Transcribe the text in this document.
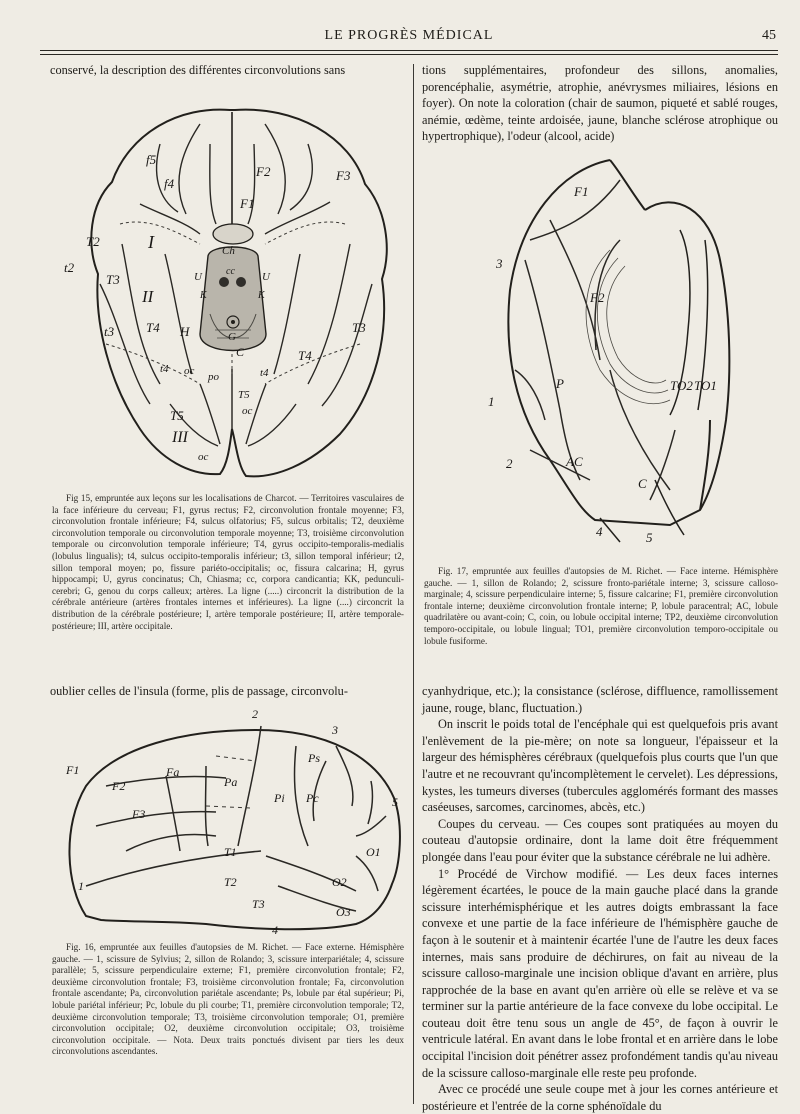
LE PROGRÈS MÉDICAL	45
conservé, la description des différentes circonvolutions sans
f5
f4
F2	F3
F1
T2
t2
T3
I	Ch
cc
U	U
K	K
G
II
t3 T4 H
C
T3
T4
t4 oc po	t4
T5
oc
T5
III
oc

Fig 15, empruntée aux leçons sur les localisations de Charcot. — Territoires vasculaires de la face inférieure du cerveau; F1, gyrus rectus; F2, circonvolution frontale moyenne; F3, circonvolution frontale inférieure; F4, sulcus olfatorius; F5, sulcus orbitalis; T2, deuxième circonvolution temporale ou circonvolution temporale moyenne; T3, troisième circonvolution temporale ou circonvolution temporale inférieure; T4, gyrus occipito-temporalis-medialis (lobulus lingualis); t4, sulcus occipito-temporalis inférieur; t3, sillon temporal inférieur; t2, sillon temporal moyen; po, fissure pariéto-occipitalis; oc, fissura calcarina; H, gyrus hippocampi; U, gyrus concinatus; Ch, Chiasma; cc, corpora candicantia; KK, pedunculi-cerebri; G, genou du corps calleux; artères. La ligne (.....) circoncrit la distribution de la cérébrale antérieure (artères frontales internes et inférieures). La ligne (....) circoncrit la distribution de la cérébrale postérieure; I, artère temporale postérieure; II, artère temporale-postérieure; III, artère occipitale.

oublier celles de l'insula (forme, plis de passage, circonvolu-
2
3
5
F1
F2
Fa
F3
Pa
Ps
Pi Pc
T1
T2
T3
O1
O2
O3
1
4

Fig. 16, empruntée aux feuilles d'autopsies de M. Richet. — Face externe. Hémisphère gauche. — 1, scissure de Sylvius; 2, sillon de Rolando; 3, scissure interpariétale; 4, scissure parallèle; 5, scissure perpendiculaire externe; F1, première circonvolution frontale; F2, deuxième circonvolution frontale; F3, troisième circonvolution frontale; Fa, circonvolution frontale ascendante; Pa, circonvolution pariétale ascendante; Ps, lobule par étal supérieur; Pi, lobule pariétal inférieur; Pc, lobule du pli courbe; T1, première circonvolution temporale; T2, deuxième circonvolution temporale; T3, troisième circonvolution temporale; O1, première circonvolution occipitale; O2, deuxième circonvolution occipitale; O3, troisième circonvolution occipitale. — Nota. Deux traits ponctués divisent par tiers les deux circonvolutions ascendantes.

tions supplémentaires, profondeur des sillons, anomalies, porencéphalie, asymétrie, atrophie, anévrysmes miliaires, lésions en foyer). On note la coloration (chair de saumon, piqueté et sablé rouges, anémie, œdème, teinte ardoisée, jaune, blanche sclérose atrophique ou hypertrophique), l'odeur (alcool, acide)
F1
3
F2
P
1
2	AC
C
TO2 TO1
4	5

Fig. 17, empruntée aux feuilles d'autopsies de M. Richet. — Face interne. Hémisphère gauche. — 1, sillon de Rolando; 2, scissure fronto-pariétale interne; 3, scissure calloso-marginale; 4, scissure perpendiculaire interne; 5, fissure calcarine; F1, première circonvolution frontale interne; deuxième circonvolution frontale interne; P, lobule paracentral; AC, lobule quadrilatère ou avant-coin; C, coin, ou lobule occipital interne; TP2, deuxième circonvolution temporo-occipitale, ou lobule lingual; TO1, première circonvolution temporo-occipitale ou lobule fusiforme.

cyanhydrique, etc.); la consistance (sclérose, diffluence, ramollissement jaune, rouge, blanc, fluctuation.)

On inscrit le poids total de l'encéphale qui est quelquefois pris avant l'enlèvement de la pie-mère; on note sa longueur, l'épaisseur et la largeur des hémisphères cérébraux (quelquefois plus courts que l'un que l'autre et ne recouvrant qu'incomplètement le cervelet). Les dépressions, kystes, les tumeurs diverses (tubercules agglomérés formant des masses caséeuses, sarcomes, carcinomes, abcès, etc.)

Coupes du cerveau. — Ces coupes sont pratiquées au moyen du couteau d'autopsie ordinaire, dont la lame doit être fréquemment plongée dans l'eau pour éviter que la substance cérébrale ne lui adhère.

1° Procédé de Virchow modifié. — Les deux faces internes légèrement écartées, le pouce de la main gauche placé dans la grande scissure interhémisphérique et les autres doigts embrassant la face convexe et une partie de la face inférieure de l'hémisphère gauche de façon à le soutenir et à maintenir écartée l'une de l'autre les deux faces internes, mais sans produire de déchirures, on fait au niveau de la scissure calloso-marginale une incision oblique d'avant en arrière, plus rapprochée de la base en avant qu'en arrière où elle se relève et va se terminer sur la partie antérieure de la face convexe du lobe occipital. Le couteau doit être tenu sous un angle de 45°, de façon à ouvrir le ventricule latéral. En avant dans le lobe frontal et en arrière dans le lobe occipital l'incision doit pénétrer assez profondément tandis qu'au niveau de la scissure calloso-marginale elle reste peu profonde.

Avec ce procédé une seule coupe met à jour les cornes antérieure et postérieure et l'entrée de la corne sphénoïdale du
